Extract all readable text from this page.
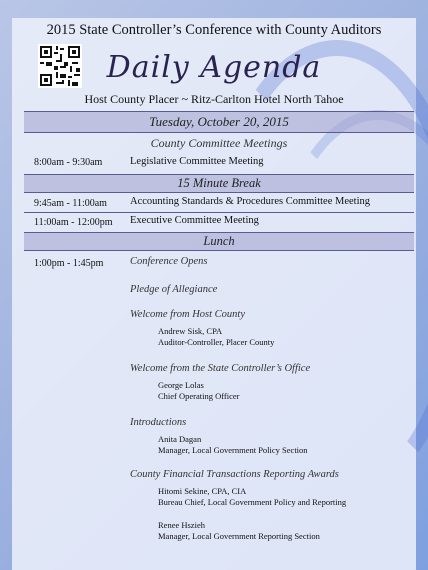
2015 State Controller’s Conference with County Auditors
Daily Agenda
Host County Placer ~ Ritz-Carlton Hotel North Tahoe
Tuesday, October 20, 2015
County Committee Meetings
8:00am - 9:30am	Legislative Committee Meeting
15 Minute Break
9:45am - 11:00am Accounting Standards & Procedures Committee Meeting
11:00am - 12:00pm Executive Committee Meeting
Lunch
1:00pm - 1:45pm	Conference Opens
Pledge of Allegiance
Welcome from Host County
Andrew Sisk, CPA
Auditor-Controller, Placer County
Welcome from the State Controller’s Office
George Lolas
Chief Operating Officer
Introductions
Anita Dagan
Manager, Local Government Policy Section
County Financial Transactions Reporting Awards
Hitomi Sekine, CPA, CIA
Bureau Chief, Local Government Policy and Reporting
Renee Hszieh
Manager, Local Government Reporting Section
